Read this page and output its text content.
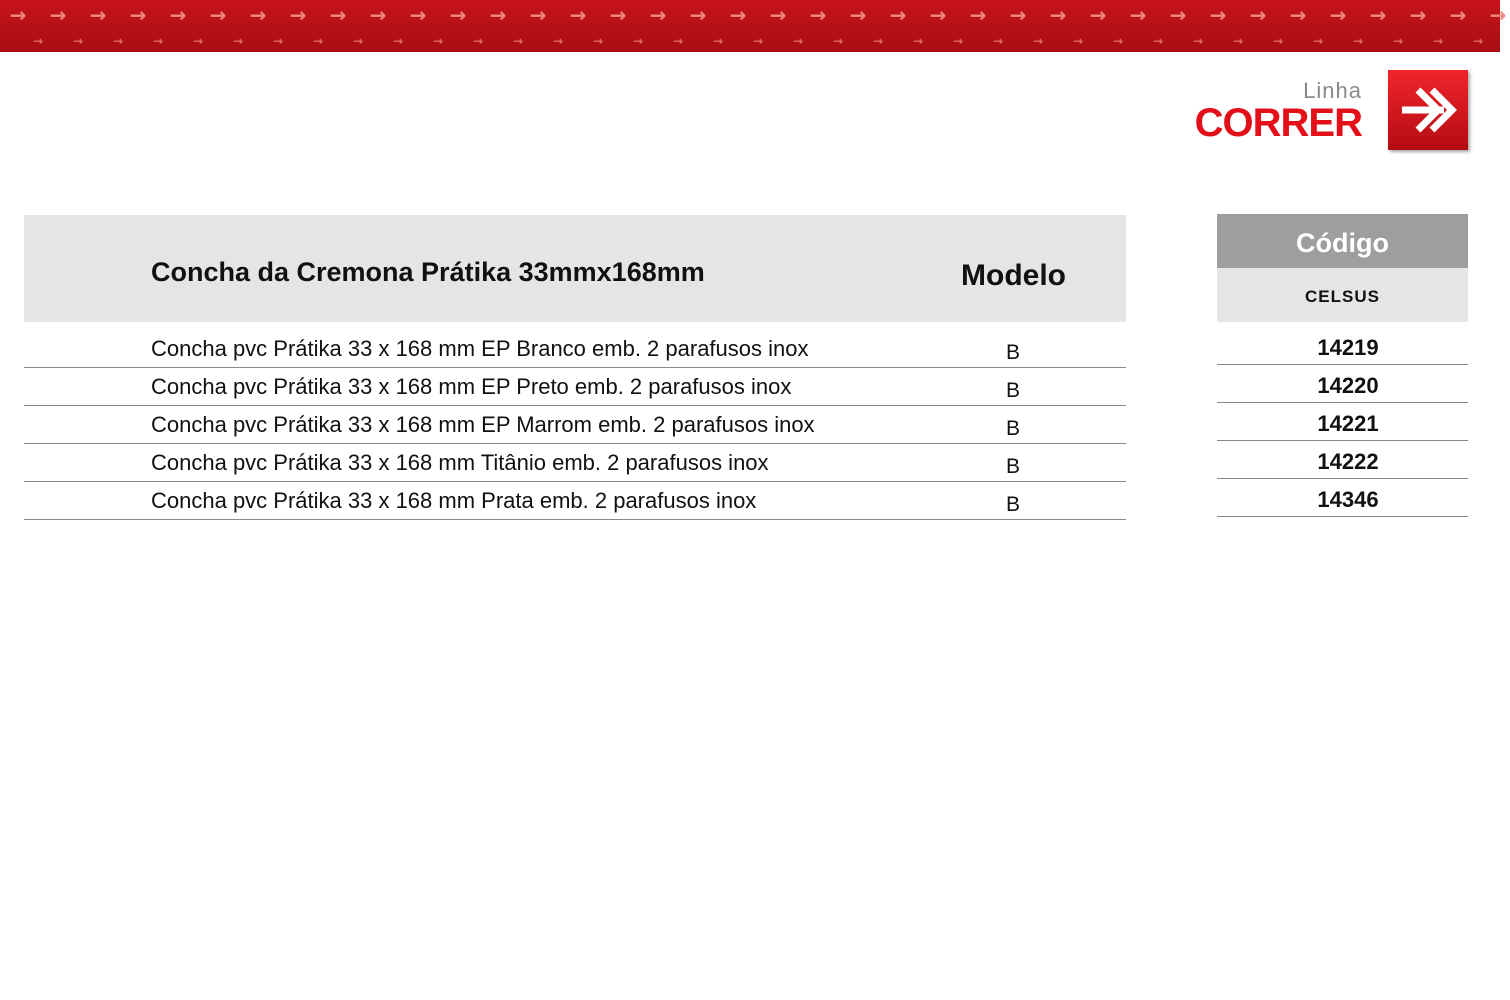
→ → → → → → → → → → → → → → → → → → → → → → → → → → → → → → → → → → → → → →
→	→	→	→	→	→	→	→	→	→	→	→	→	→	→	→	→	→	→	→	→	→	→	→	→	→	→	→	→	→	→	→	→	→	→	→	→
Linha
CORRER
Concha da Cremona Prátika 33mmx168mm	Modelo
Concha pvc Prátika 33 x 168 mm EP Branco emb. 2 parafusos inox	B
Concha pvc Prátika 33 x 168 mm EP Preto emb. 2 parafusos inox	B
Concha pvc Prátika 33 x 168 mm EP Marrom emb. 2 parafusos inox	B
Concha pvc Prátika 33 x 168 mm Titânio emb. 2 parafusos inox	B
Concha pvc Prátika 33 x 168 mm Prata emb. 2 parafusos inox	B
Código
CELSUS
14219
14220
14221
14222
14346
